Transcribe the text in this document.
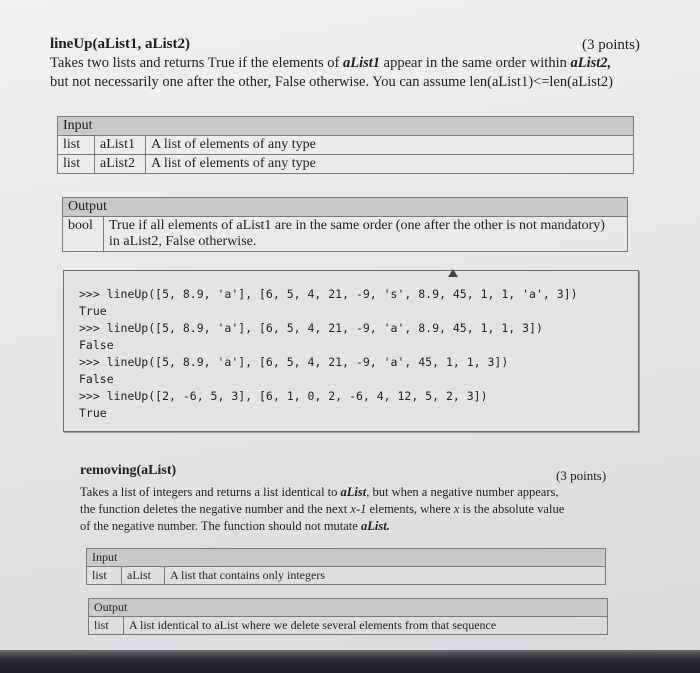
lineUp(aList1, aList2)	(3 points)
Takes two lists and returns True if the elements of aList1 appear in the same order within aList2,
but not necessarily one after the other, False otherwise. You can assume len(aList1)<=len(aList2)
Input		
list	aList1	A list of elements of any type
list	aList2	A list of elements of any type
Output
bool	True if all elements of aList1 are in the same order (one after the other is not mandatory)
in aList2, False otherwise.
>>> lineUp([5, 8.9, 'a'], [6, 5, 4, 21, -9, 's', 8.9, 45, 1, 1, 'a', 3])
True
>>> lineUp([5, 8.9, 'a'], [6, 5, 4, 21, -9, 'a', 8.9, 45, 1, 1, 3])
False
>>> lineUp([5, 8.9, 'a'], [6, 5, 4, 21, -9, 'a', 45, 1, 1, 3])
False
>>> lineUp([2, -6, 5, 3], [6, 1, 0, 2, -6, 4, 12, 5, 2, 3])
True
removing(aList)	(3 points)
Takes a list of integers and returns a list identical to aList, but when a negative number appears,
the function deletes the negative number and the next x-1 elements, where x is the absolute value
of the negative number. The function should not mutate aList.
Input
list	aList	A list that contains only integers
Output
list	A list identical to aList where we delete several elements from that sequence
